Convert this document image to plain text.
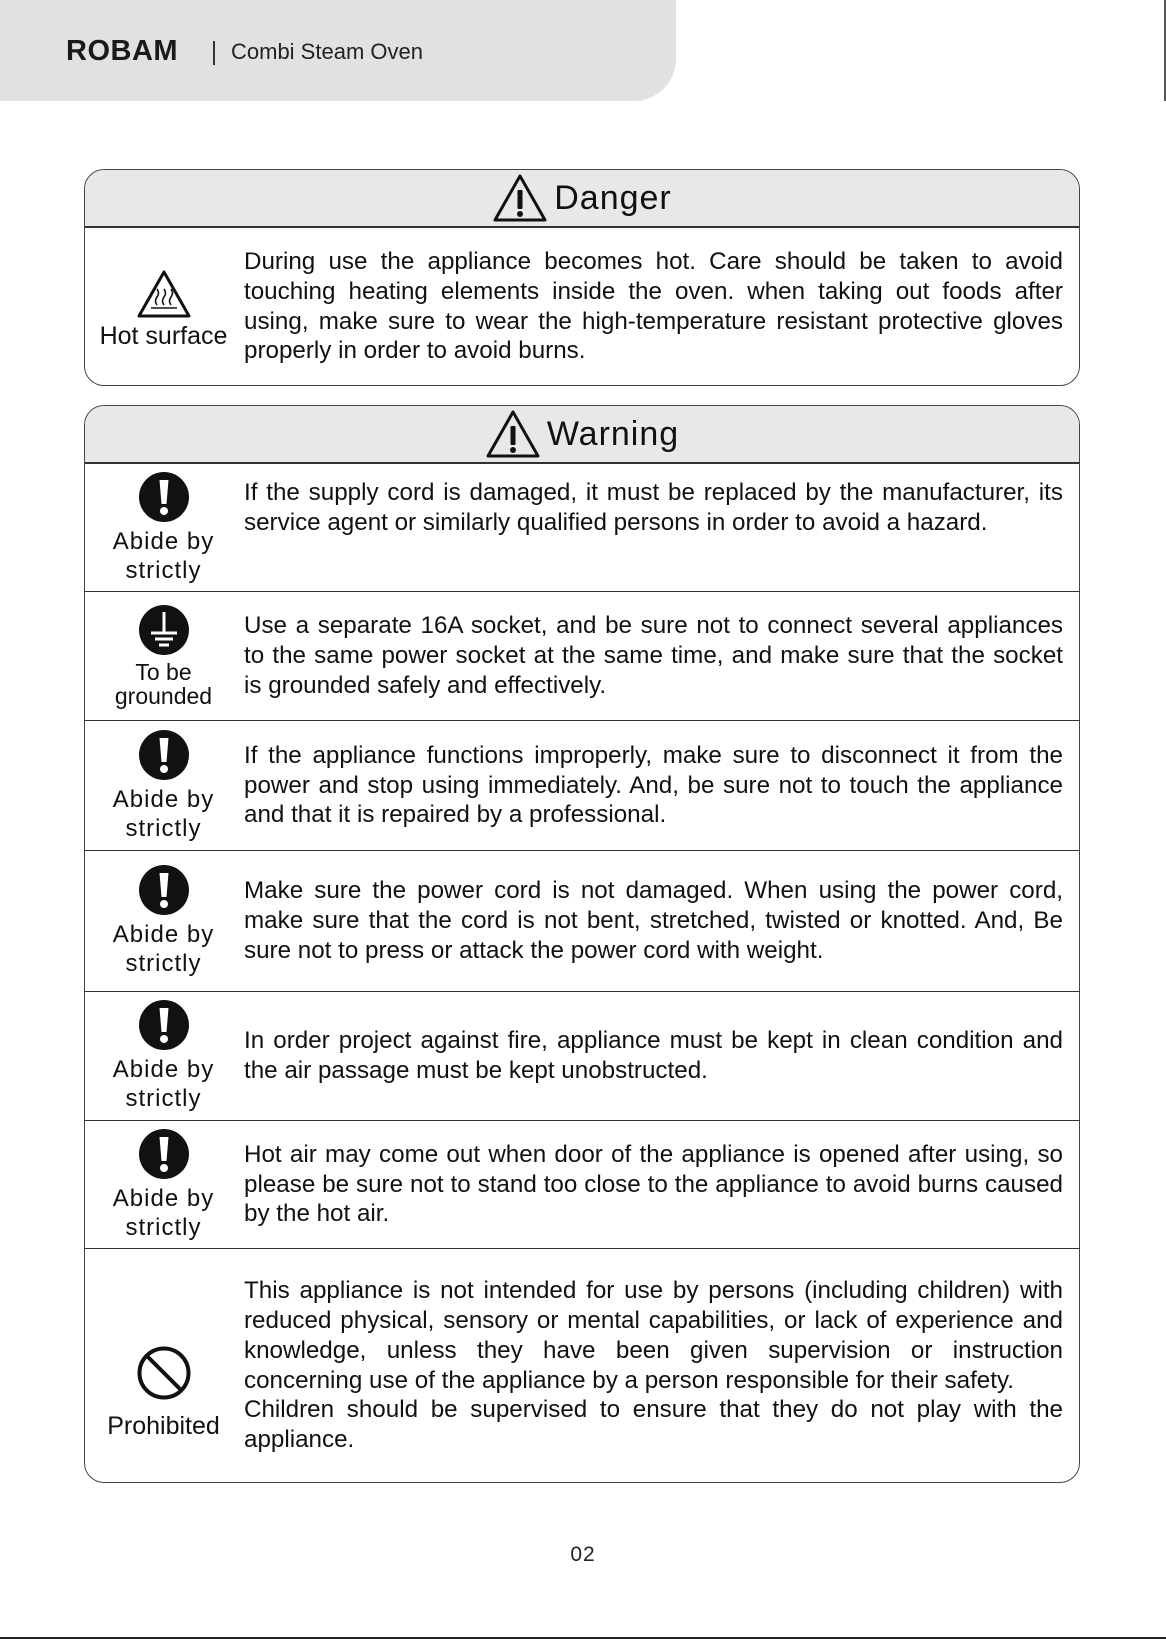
ROBAM Combi Steam Oven
Danger
Hot surface

During use the appliance becomes hot. Care should be taken to avoid touching heating elements inside the oven. when taking out foods after using, make sure to wear the high-temperature resistant protective gloves properly in order to avoid burns.

Warning
Abide by
strictly

If the supply cord is damaged, it must be replaced by the manufacturer, its service agent or similarly qualified persons in order to avoid a hazard.

To be
grounded

Use a separate 16A socket, and be sure not to connect several appliances to the same power socket at the same time, and make sure that the socket is grounded safely and effectively.

Abide by
strictly

If the appliance functions improperly, make sure to disconnect it from the power and stop using immediately. And, be sure not to touch the appliance and that it is repaired by a professional.

Abide by
strictly

Make sure the power cord is not damaged. When using the power cord, make sure that the cord is not bent, stretched, twisted or knotted. And, Be sure not to press or attack the power cord with weight.

Abide by
strictly

In order project against fire, appliance must be kept in clean condition and the air passage must be kept unobstructed.

Abide by
strictly

Hot air may come out when door of the appliance is opened after using, so please be sure not to stand too close to the appliance to avoid burns caused by the hot air.

Prohibited

This appliance is not intended for use by persons (including children) with reduced physical, sensory or mental capabilities, or lack of experience and knowledge, unless they have been given supervision or instruction concerning use of the appliance by a person responsible for their safety.

Children should be supervised to ensure that they do not play with the appliance.

02
